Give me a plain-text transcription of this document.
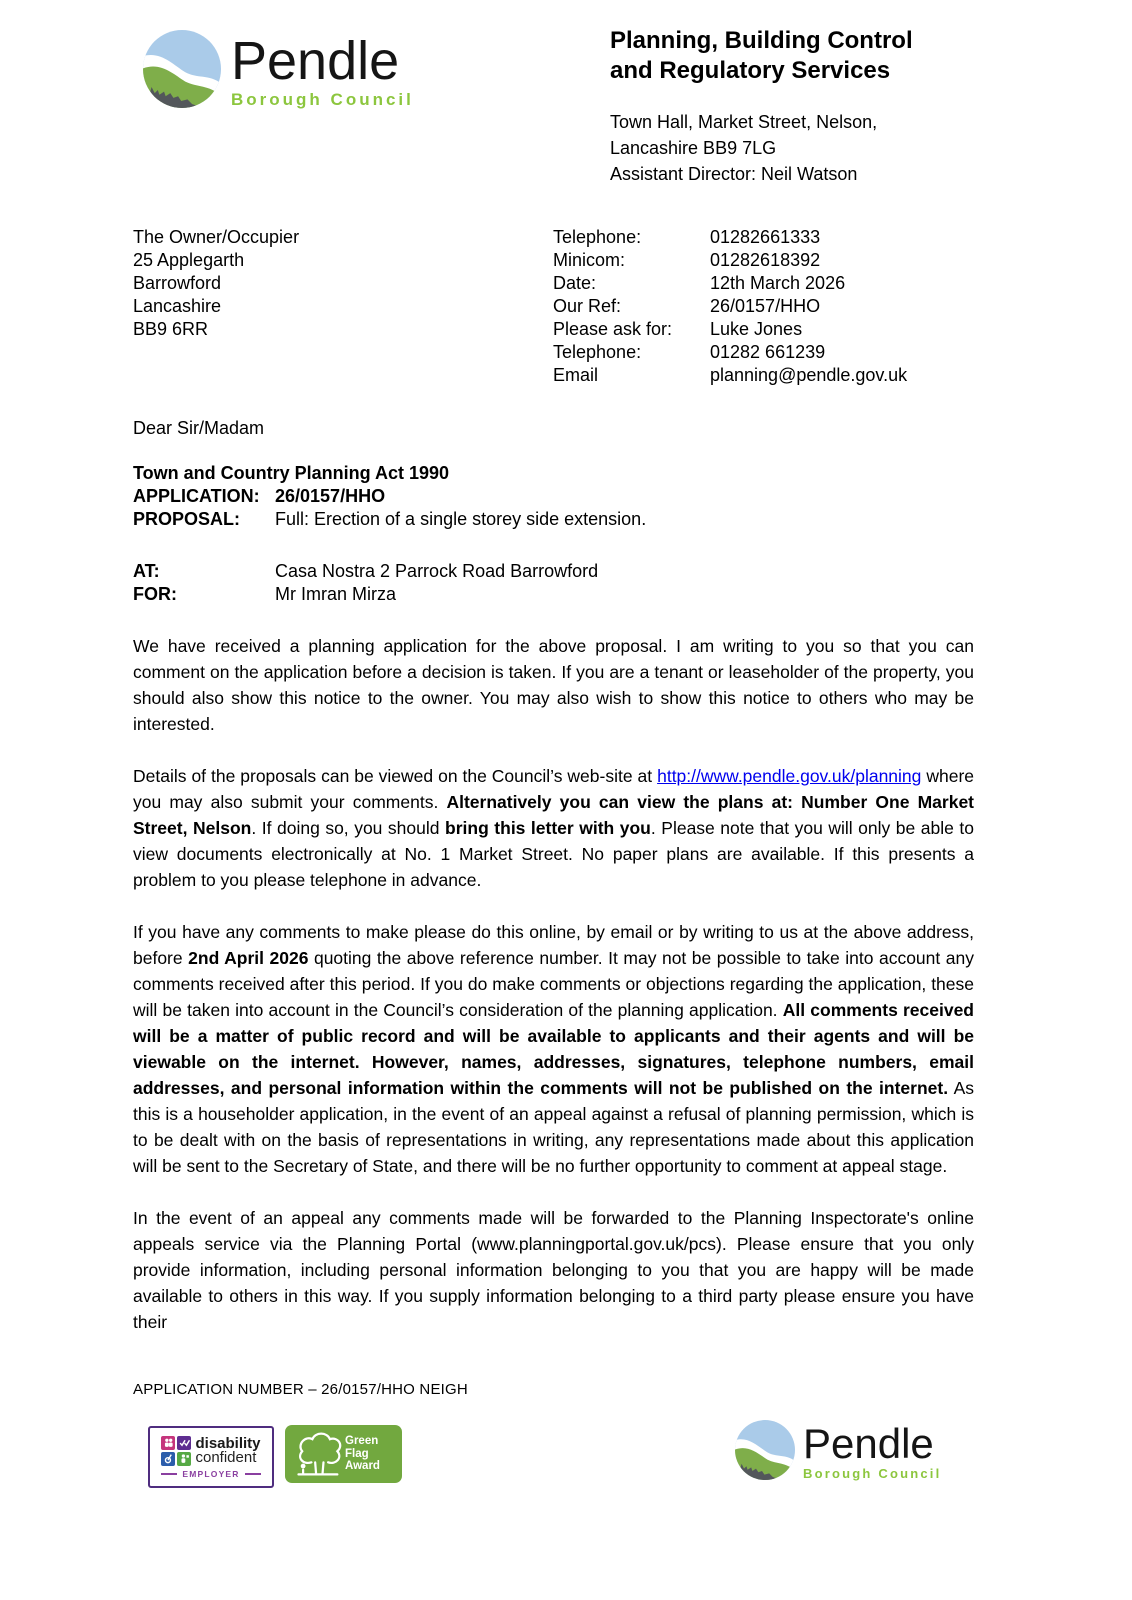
Pendle
Borough Council
Planning, Building Control
and Regulatory Services
Town Hall, Market Street, Nelson,
Lancashire BB9 7LG
Assistant Director: Neil Watson
The Owner/Occupier
25 Applegarth
Barrowford
Lancashire
BB9 6RR
Telephone:	01282661333
Minicom:	01282618392
Date:	12th March 2026
Our Ref:	26/0157/HHO
Please ask for:	Luke Jones
Telephone:	01282 661239
Email	planning@pendle.gov.uk
Dear Sir/Madam
Town and Country Planning Act 1990
APPLICATION: 26/0157/HHO
PROPOSAL:	Full: Erection of a single storey side extension.
AT:	Casa Nostra 2 Parrock Road Barrowford
FOR:	Mr Imran Mirza

We have received a planning application for the above proposal. I am writing to you so that you can comment on the application before a decision is taken. If you are a tenant or leaseholder of the property, you should also show this notice to the owner. You may also wish to show this notice to others who may be interested.

Details of the proposals can be viewed on the Council’s web-site at http://www.pendle.gov.uk/planning where you may also submit your comments. Alternatively you can view the plans at: Number One Market Street, Nelson. If doing so, you should bring this letter with you. Please note that you will only be able to view documents electronically at No. 1 Market Street. No paper plans are available. If this presents a problem to you please telephone in advance.

If you have any comments to make please do this online, by email or by writing to us at the above address, before 2nd April 2026 quoting the above reference number. It may not be possible to take into account any comments received after this period. If you do make comments or objections regarding the application, these will be taken into account in the Council’s consideration of the planning application. All comments received will be a matter of public record and will be available to applicants and their agents and will be viewable on the internet. However, names, addresses, signatures, telephone numbers, email addresses, and personal information within the comments will not be published on the internet. As this is a householder application, in the event of an appeal against a refusal of planning permission, which is to be dealt with on the basis of representations in writing, any representations made about this application will be sent to the Secretary of State, and there will be no further opportunity to comment at appeal stage.

In the event of an appeal any comments made will be forwarded to the Planning Inspectorate's online appeals service via the Planning Portal (www.planningportal.gov.uk/pcs). Please ensure that you only provide information, including personal information belonging to you that you are happy will be made available to others in this way. If you supply information belonging to a third party please ensure you have their

APPLICATION NUMBER – 26/0157/HHO NEIGH
disability
confident
EMPLOYER
Green
Flag
Award	Pendle
Borough Council
